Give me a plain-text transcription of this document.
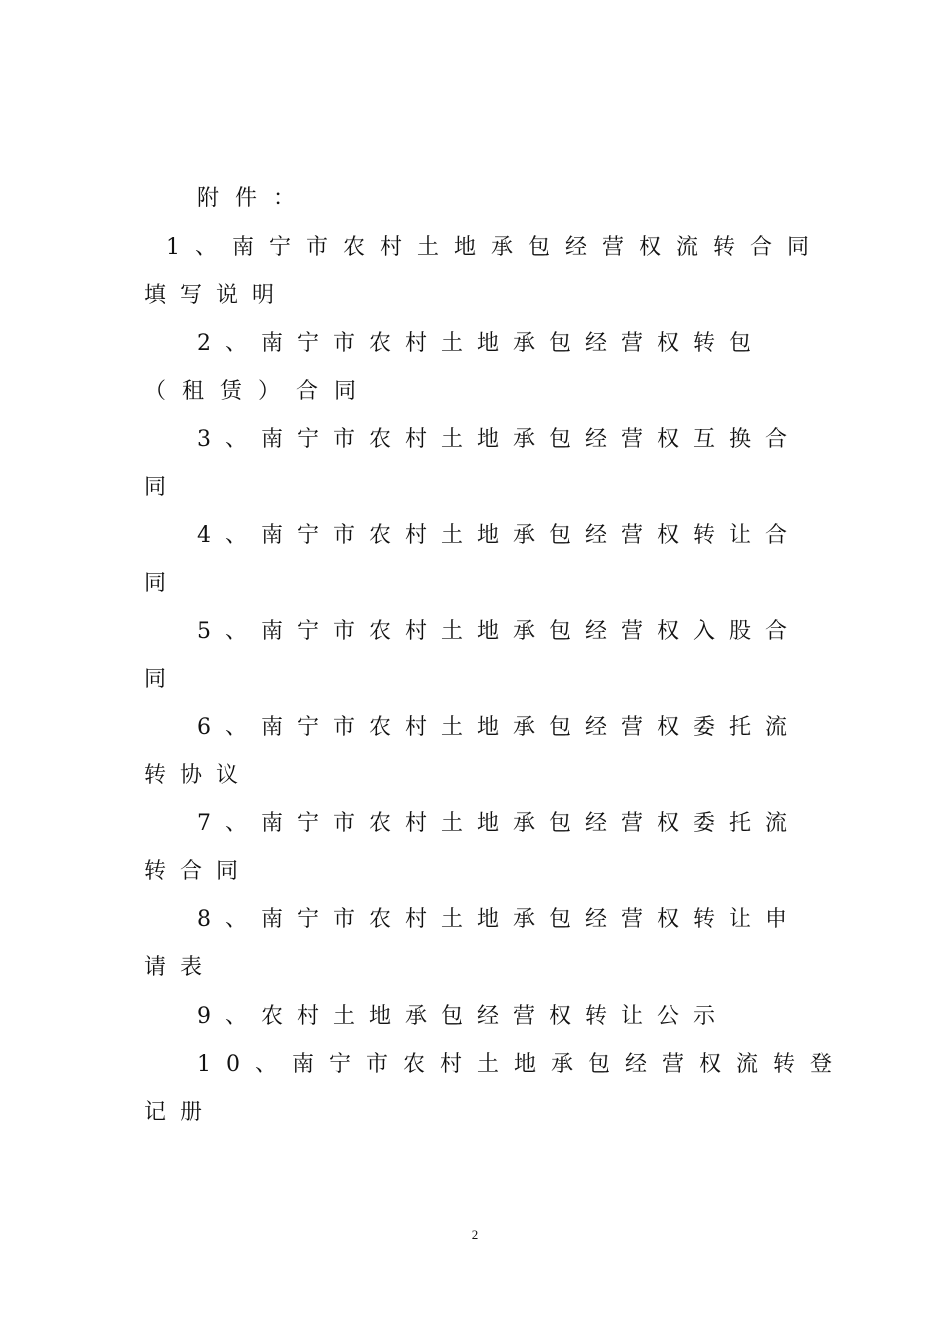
附件：
1、南宁市农村土地承包经营权流转合同
填写说明
2、南宁市农村土地承包经营权转包
（租赁）合同
3、南宁市农村土地承包经营权互换合
同
4、南宁市农村土地承包经营权转让合
同
5、南宁市农村土地承包经营权入股合
同
6、南宁市农村土地承包经营权委托流
转协议
7、南宁市农村土地承包经营权委托流
转合同
8、南宁市农村土地承包经营权转让申
请表
9、农村土地承包经营权转让公示
10、南宁市农村土地承包经营权流转登
记册
2
